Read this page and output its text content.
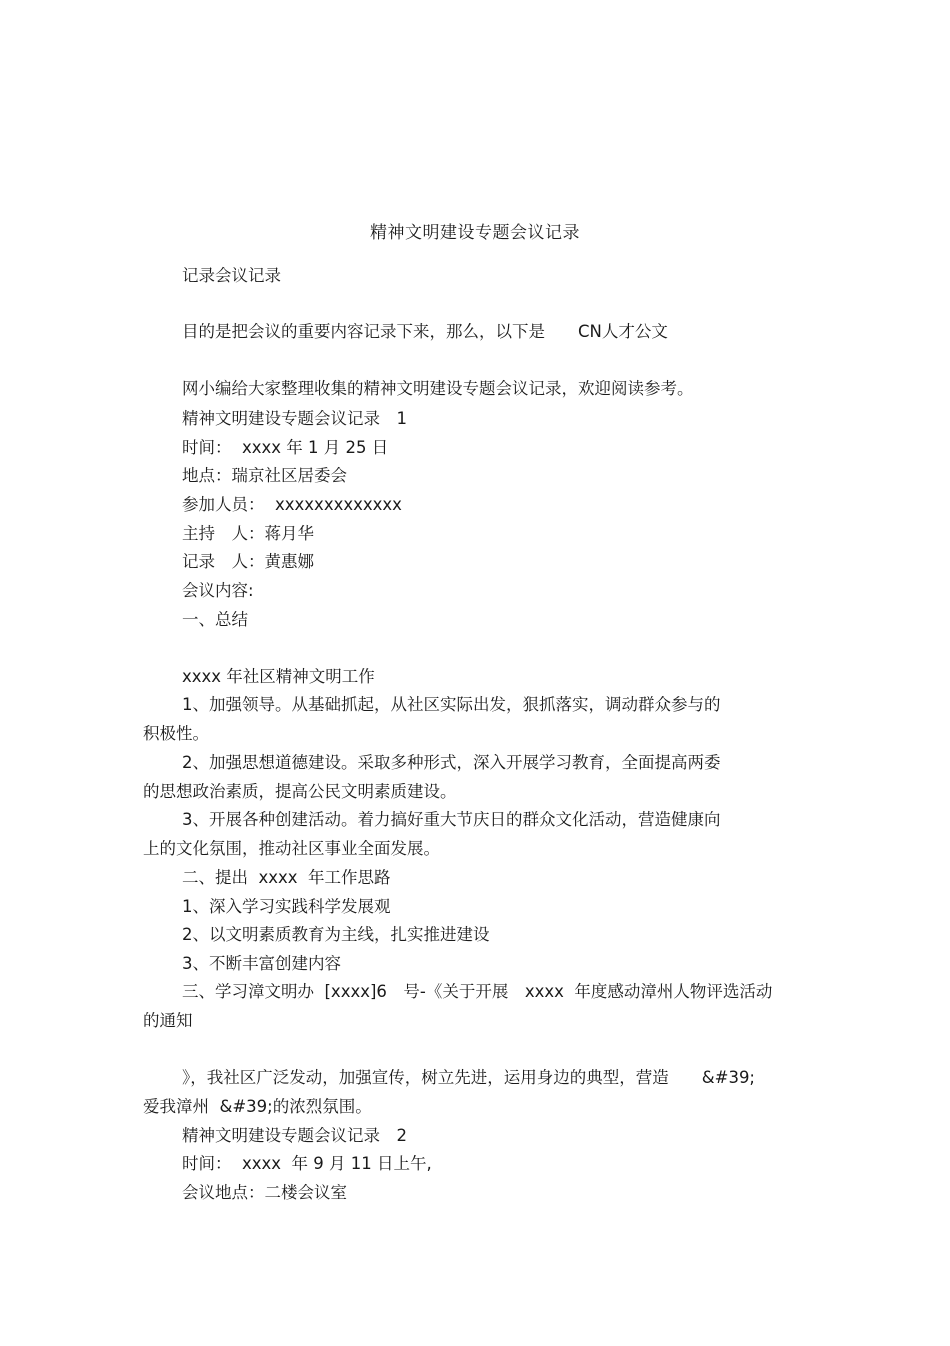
精神文明建设专题会议记录
记录会议记录
目的是把会议的重要内容记录下来，那么，以下是　　CN人才公文
网小编给大家整理收集的精神文明建设专题会议记录，欢迎阅读参考。
精神文明建设专题会议记录　1
时间：  xxxx 年 1 月 25 日
地点：瑞京社区居委会
参加人员：  xxxxxxxxxxxxx
主持　人：蒋月华
记录　人：黄惠娜
会议内容:
一、总结
xxxx 年社区精神文明工作
1、加强领导。从基础抓起，从社区实际出发，狠抓落实，调动群众参与的
积极性。
2、加强思想道德建设。采取多种形式，深入开展学习教育，全面提高两委
的思想政治素质，提高公民文明素质建设。
3、开展各种创建活动。着力搞好重大节庆日的群众文化活动，营造健康向
上的文化氛围，推动社区事业全面发展。
二、提出  xxxx  年工作思路
1、深入学习实践科学发展观
2、以文明素质教育为主线，扎实推进建设
3、不断丰富创建内容
三、学习漳文明办  [xxxx]6　号-《关于开展　xxxx  年度感动漳州人物评选活动
的通知
》，我社区广泛发动，加强宣传，树立先进，运用身边的典型，营造　　&#39;
爱我漳州  &#39;的浓烈氛围。
精神文明建设专题会议记录　2
时间：  xxxx  年 9 月 11 日上午,
会议地点：二楼会议室
